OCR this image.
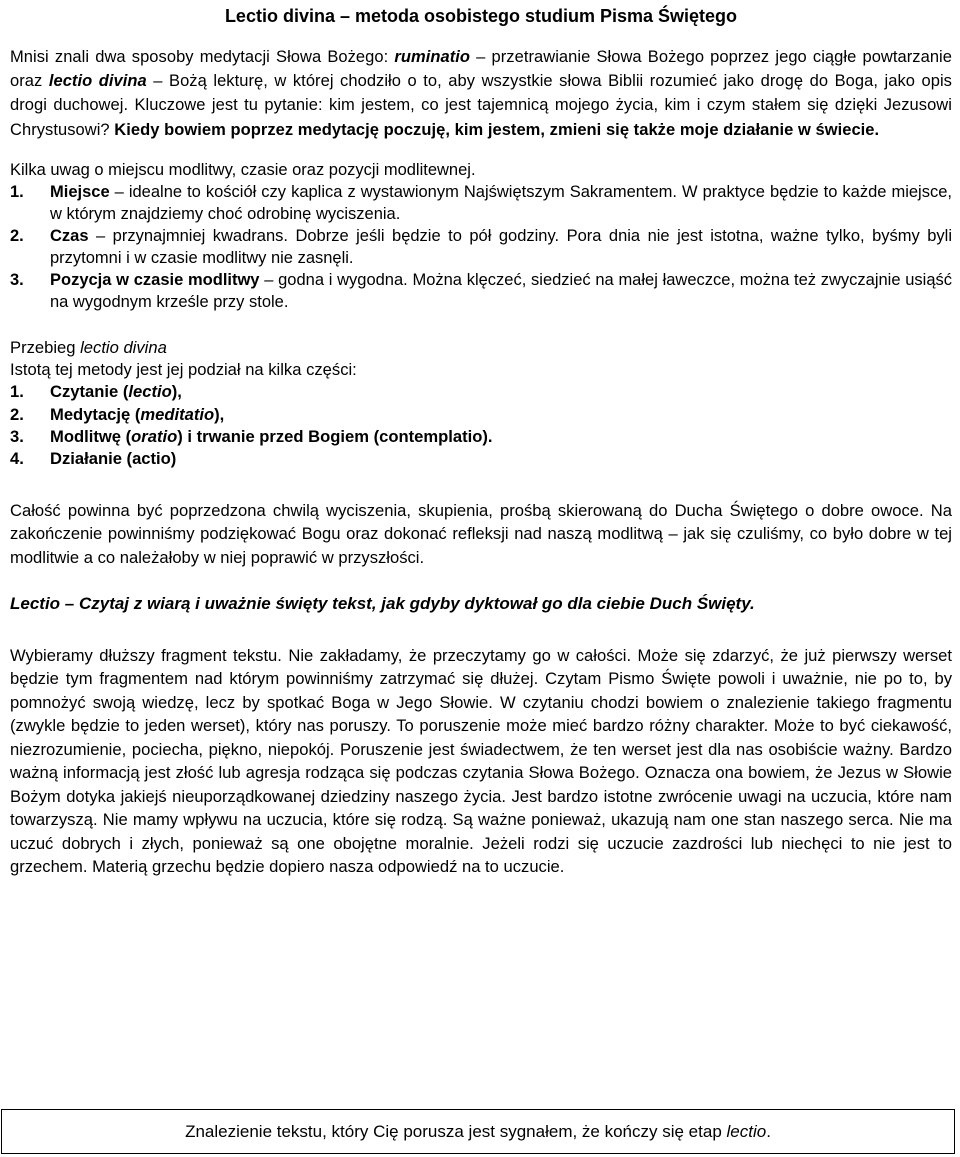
Lectio divina – metoda osobistego studium Pisma Świętego

Mnisi znali dwa sposoby medytacji Słowa Bożego: ruminatio – przetrawianie Słowa Bożego poprzez jego ciągłe powtarzanie oraz lectio divina – Bożą lekturę, w której chodziło o to, aby wszystkie słowa Biblii rozumieć jako drogę do Boga, jako opis drogi duchowej. Kluczowe jest tu pytanie: kim jestem, co jest tajemnicą mojego życia, kim i czym stałem się dzięki Jezusowi Chrystusowi? Kiedy bowiem poprzez medytację poczuję, kim jestem, zmieni się także moje działanie w świecie.

Kilka uwag o miejscu modlitwy, czasie oraz pozycji modlitewnej.
1. Miejsce – idealne to kościół czy kaplica z wystawionym Najświętszym Sakramentem. W praktyce będzie to każde miejsce, w którym znajdziemy choć odrobinę wyciszenia.
2. Czas – przynajmniej kwadrans. Dobrze jeśli będzie to pół godziny. Pora dnia nie jest istotna, ważne tylko, byśmy byli przytomni i w czasie modlitwy nie zasnęli.
3. Pozycja w czasie modlitwy – godna i wygodna. Można klęczeć, siedzieć na małej ławeczce, można też zwyczajnie usiąść na wygodnym krześle przy stole.
Przebieg lectio divina
Istotą tej metody jest jej podział na kilka części:
1. Czytanie (lectio),
2. Medytację (meditatio),
3. Modlitwę (oratio) i trwanie przed Bogiem (contemplatio).
4. Działanie (actio)

Całość powinna być poprzedzona chwilą wyciszenia, skupienia, prośbą skierowaną do Ducha Świętego o dobre owoce. Na zakończenie powinniśmy podziękować Bogu oraz dokonać refleksji nad naszą modlitwą – jak się czuliśmy, co było dobre w tej modlitwie a co należałoby w niej poprawić w przyszłości.

Lectio – Czytaj z wiarą i uważnie święty tekst, jak gdyby dyktował go dla ciebie Duch Święty.

Wybieramy dłuższy fragment tekstu. Nie zakładamy, że przeczytamy go w całości. Może się zdarzyć, że już pierwszy werset będzie tym fragmentem nad którym powinniśmy zatrzymać się dłużej. Czytam Pismo Święte powoli i uważnie, nie po to, by pomnożyć swoją wiedzę, lecz by spotkać Boga w Jego Słowie. W czytaniu chodzi bowiem o znalezienie takiego fragmentu (zwykle będzie to jeden werset), który nas poruszy. To poruszenie może mieć bardzo różny charakter. Może to być ciekawość, niezrozumienie, pociecha, piękno, niepokój. Poruszenie jest świadectwem, że ten werset jest dla nas osobiście ważny. Bardzo ważną informacją jest złość lub agresja rodząca się podczas czytania Słowa Bożego. Oznacza ona bowiem, że Jezus w Słowie Bożym dotyka jakiejś nieuporządkowanej dziedziny naszego życia. Jest bardzo istotne zwrócenie uwagi na uczucia, które nam towarzyszą. Nie mamy wpływu na uczucia, które się rodzą. Są ważne ponieważ, ukazują nam one stan naszego serca. Nie ma uczuć dobrych i złych, ponieważ są one obojętne moralnie. Jeżeli rodzi się uczucie zazdrości lub niechęci to nie jest to grzechem. Materią grzechu będzie dopiero nasza odpowiedź na to uczucie.

Znalezienie tekstu, który Cię porusza jest sygnałem, że kończy się etap lectio.
